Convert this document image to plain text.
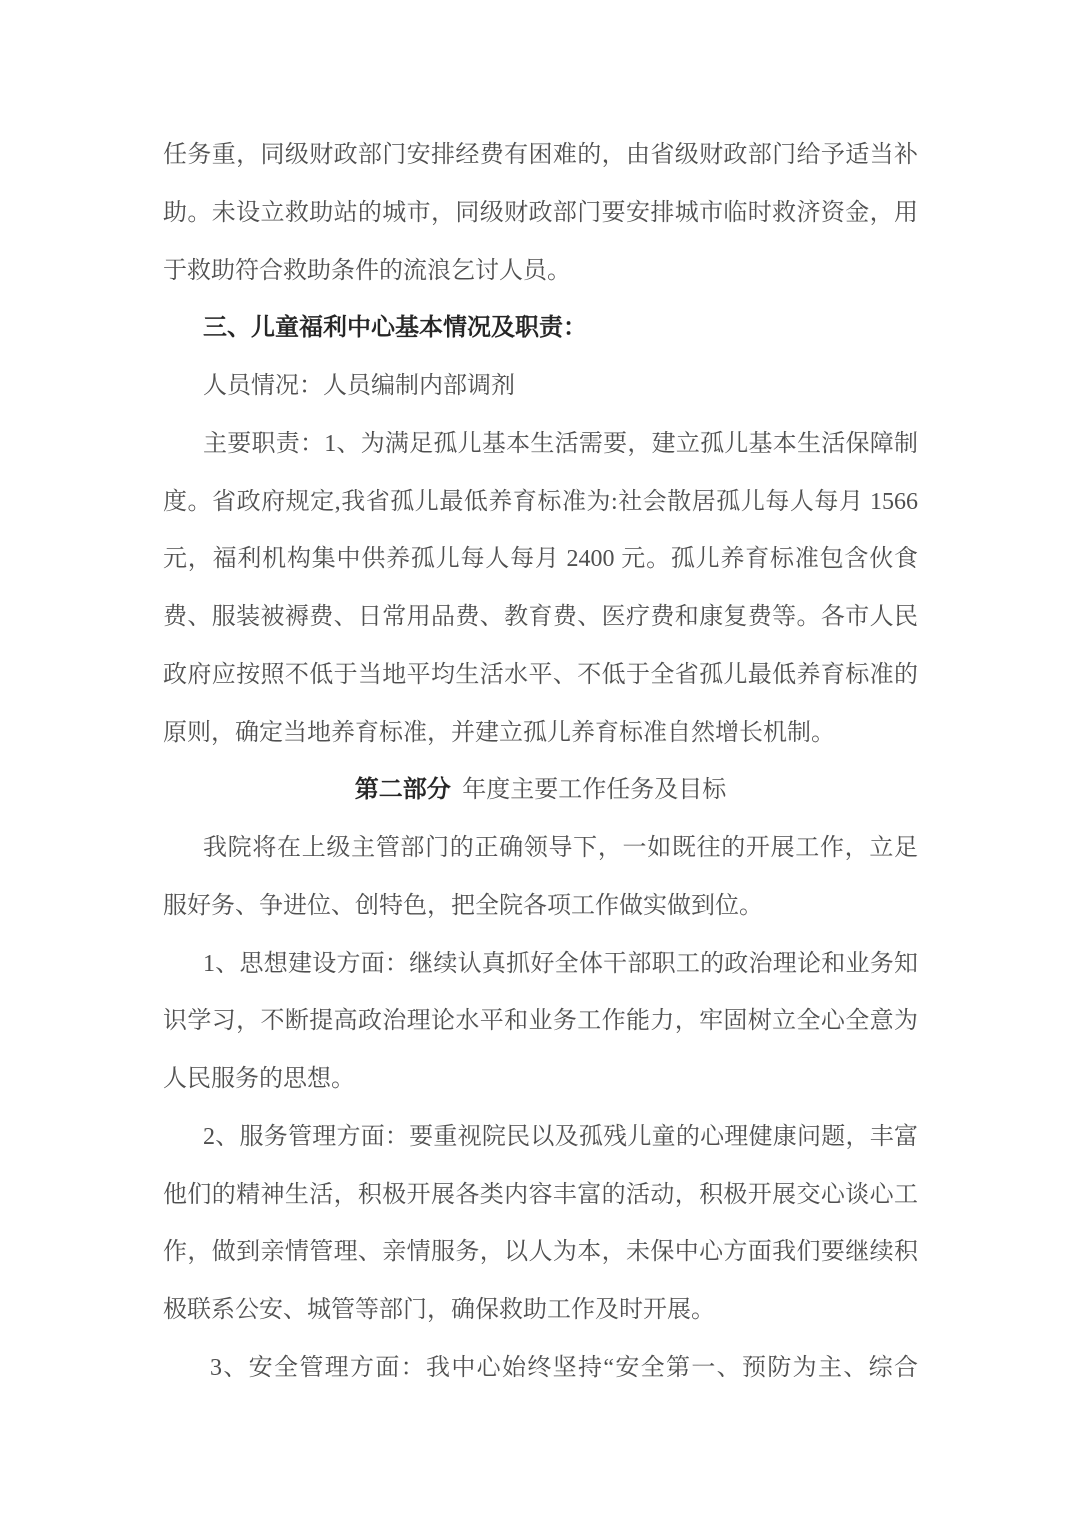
任务重，同级财政部门安排经费有困难的，由省级财政部门给予适当补
助。未设立救助站的城市，同级财政部门要安排城市临时救济资金，用
于救助符合救助条件的流浪乞讨人员。
三、儿童福利中心基本情况及职责：
人员情况：人员编制内部调剂
主要职责：1、为满足孤儿基本生活需要，建立孤儿基本生活保障制
度。省政府规定,我省孤儿最低养育标准为:社会散居孤儿每人每月 1566
元，福利机构集中供养孤儿每人每月 2400 元。孤儿养育标准包含伙食
费、服装被褥费、日常用品费、教育费、医疗费和康复费等。各市人民
政府应按照不低于当地平均生活水平、不低于全省孤儿最低养育标准的
原则，确定当地养育标准，并建立孤儿养育标准自然增长机制。
第二部分 年度主要工作任务及目标
我院将在上级主管部门的正确领导下，一如既往的开展工作，立足
服好务、争进位、创特色，把全院各项工作做实做到位。
1、思想建设方面：继续认真抓好全体干部职工的政治理论和业务知
识学习，不断提高政治理论水平和业务工作能力，牢固树立全心全意为
人民服务的思想。
2、服务管理方面：要重视院民以及孤残儿童的心理健康问题，丰富
他们的精神生活，积极开展各类内容丰富的活动，积极开展交心谈心工
作，做到亲情管理、亲情服务，以人为本，未保中心方面我们要继续积
极联系公安、城管等部门，确保救助工作及时开展。
3、安全管理方面：我中心始终坚持“安全第一、预防为主、综合
